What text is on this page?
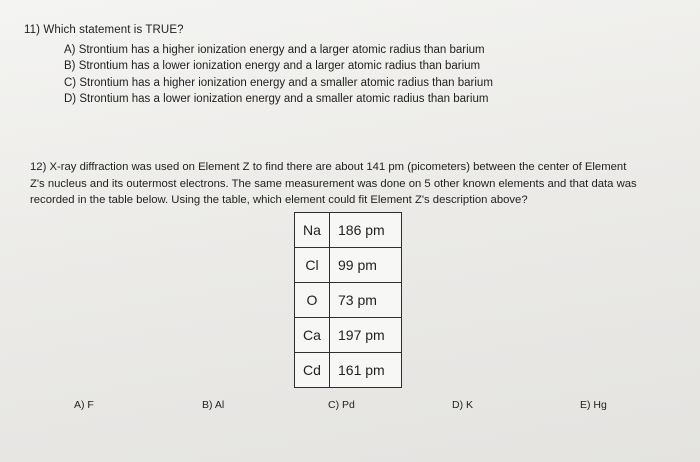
11) Which statement is TRUE?
A) Strontium has a higher ionization energy and a larger atomic radius than barium
B) Strontium has a lower ionization energy and a larger atomic radius than barium
C) Strontium has a higher ionization energy and a smaller atomic radius than barium
D) Strontium has a lower ionization energy and a smaller atomic radius than barium
12) X-ray diffraction was used on Element Z to find there are about 141 pm (picometers) between the center of Element
Z's nucleus and its outermost electrons. The same measurement was done on 5 other known elements and that data was
recorded in the table below. Using the table, which element could fit Element Z's description above?
Na	186 pm
Cl	99 pm
O	73 pm
Ca	197 pm
Cd	161 pm
A) F	B) Al	C) Pd	D) K	E) Hg
